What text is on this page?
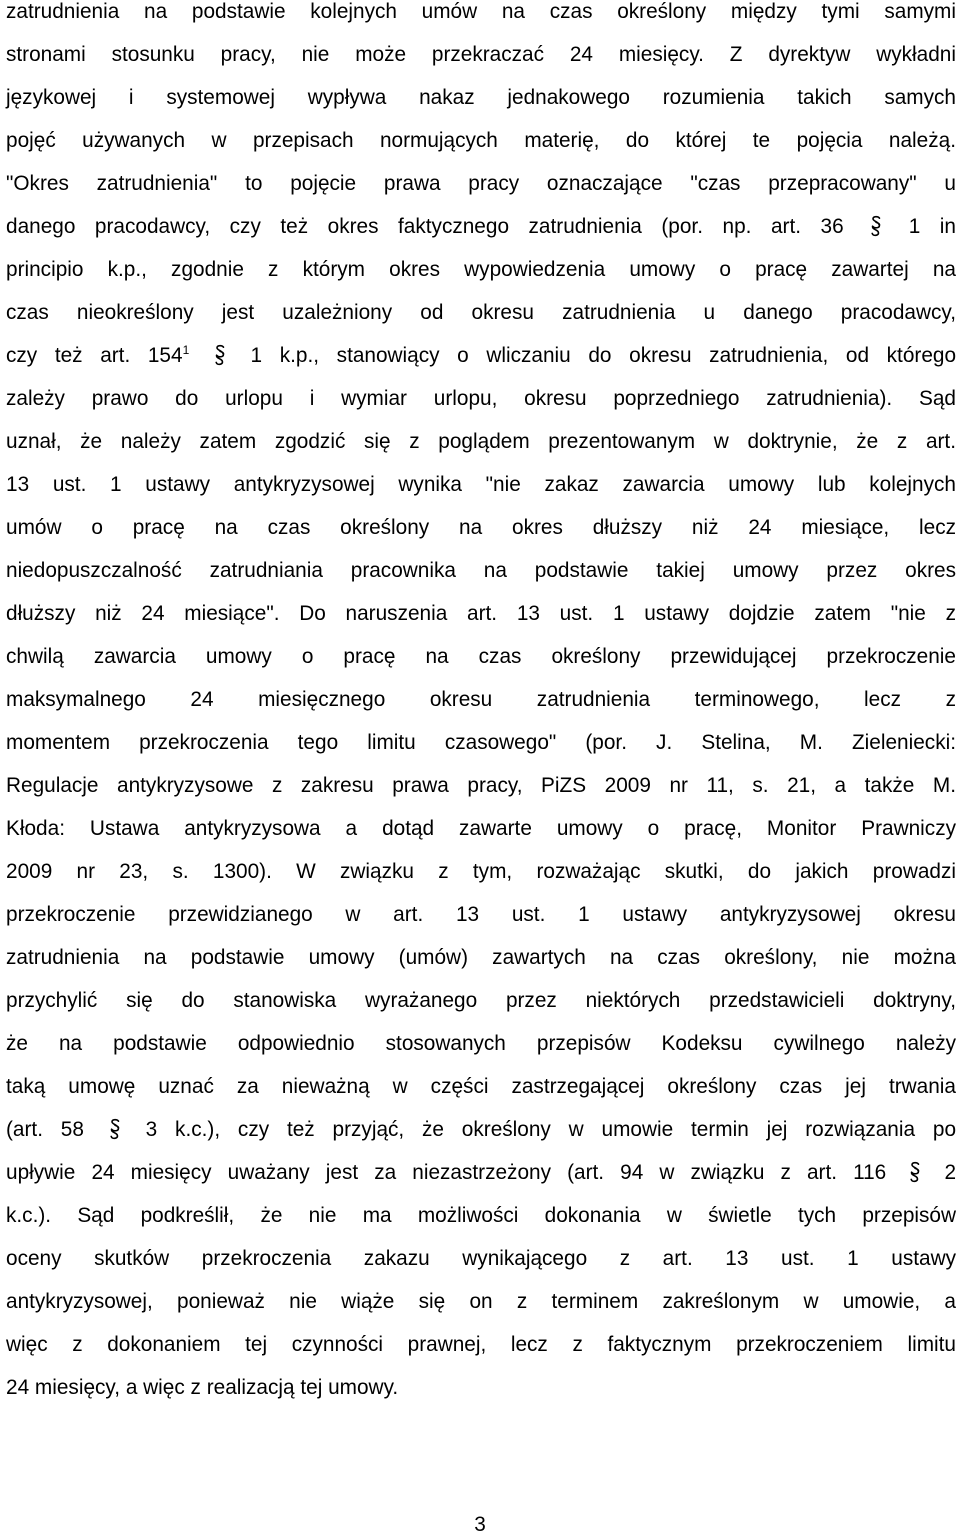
zatrudnienia na podstawie kolejnych umów na czas określony między tymi samymi
stronami stosunku pracy, nie może przekraczać 24 miesięcy. Z dyrektyw wykładni
językowej i systemowej wypływa nakaz jednakowego rozumienia takich samych
pojęć używanych w przepisach normujących materię, do której te pojęcia należą.
"Okres zatrudnienia" to pojęcie prawa pracy oznaczające "czas przepracowany" u
danego pracodawcy, czy też okres faktycznego zatrudnienia (por. np. art. 36	1 in
principio k.p., zgodnie z którym okres wypowiedzenia umowy o pracę zawartej na
czas nieokreślony jest uzależniony od okresu zatrudnienia u danego pracodawcy,
czy też art. $154^1$	1 k.p., stanowiący o wliczaniu do okresu zatrudnienia, od którego
zależy prawo do urlopu i wymiar urlopu, okresu poprzedniego zatrudnienia). Sąd
uznał, że należy zatem zgodzić się z poglądem prezentowanym w doktrynie, że z art.
13 ust. 1 ustawy antykryzysowej wynika "nie zakaz zawarcia umowy lub kolejnych
umów o pracę na czas określony na okres dłuższy niż 24 miesiące, lecz
niedopuszczalność zatrudniania pracownika na podstawie takiej umowy przez okres
dłuższy niż 24 miesiące". Do naruszenia art. 13 ust. 1 ustawy dojdzie zatem "nie z
chwilą zawarcia umowy o pracę na czas określony przewidującej przekroczenie
maksymalnego 24 miesięcznego okresu zatrudnienia terminowego, lecz z
momentem przekroczenia tego limitu czasowego" (por. J. Stelina, M. Zieleniecki:
Regulacje antykryzysowe z zakresu prawa pracy, PiZS 2009 nr 11, s. 21, a także M.
Kłoda: Ustawa antykryzysowa a dotąd zawarte umowy o pracę, Monitor Prawniczy
2009 nr 23, s. 1300). W związku z tym, rozważając skutki, do jakich prowadzi
przekroczenie przewidzianego w art. 13 ust. 1 ustawy antykryzysowej okresu
zatrudnienia na podstawie umowy (umów) zawartych na czas określony, nie można
przychylić się do stanowiska wyrażanego przez niektórych przedstawicieli doktryny,
że na podstawie odpowiednio stosowanych przepisów Kodeksu cywilnego należy
taką umowę uznać za nieważną w części zastrzegającej określony czas jej trwania
(art. 58	3 k.c.), czy też przyjąć, że określony w umowie termin jej rozwiązania po
upływie 24 miesięcy uważany jest za niezastrzeżony (art. 94 w związku z art. 116	2
k.c.). Sąd podkreślił, że nie ma możliwości dokonania w świetle tych przepisów
oceny skutków przekroczenia zakazu wynikającego z art. 13 ust. 1 ustawy
antykryzysowej, ponieważ nie wiąże się on z terminem zakreślonym w umowie, a
więc z dokonaniem tej czynności prawnej, lecz z faktycznym przekroczeniem limitu
24 miesięcy, a więc z realizacją tej umowy.
3
